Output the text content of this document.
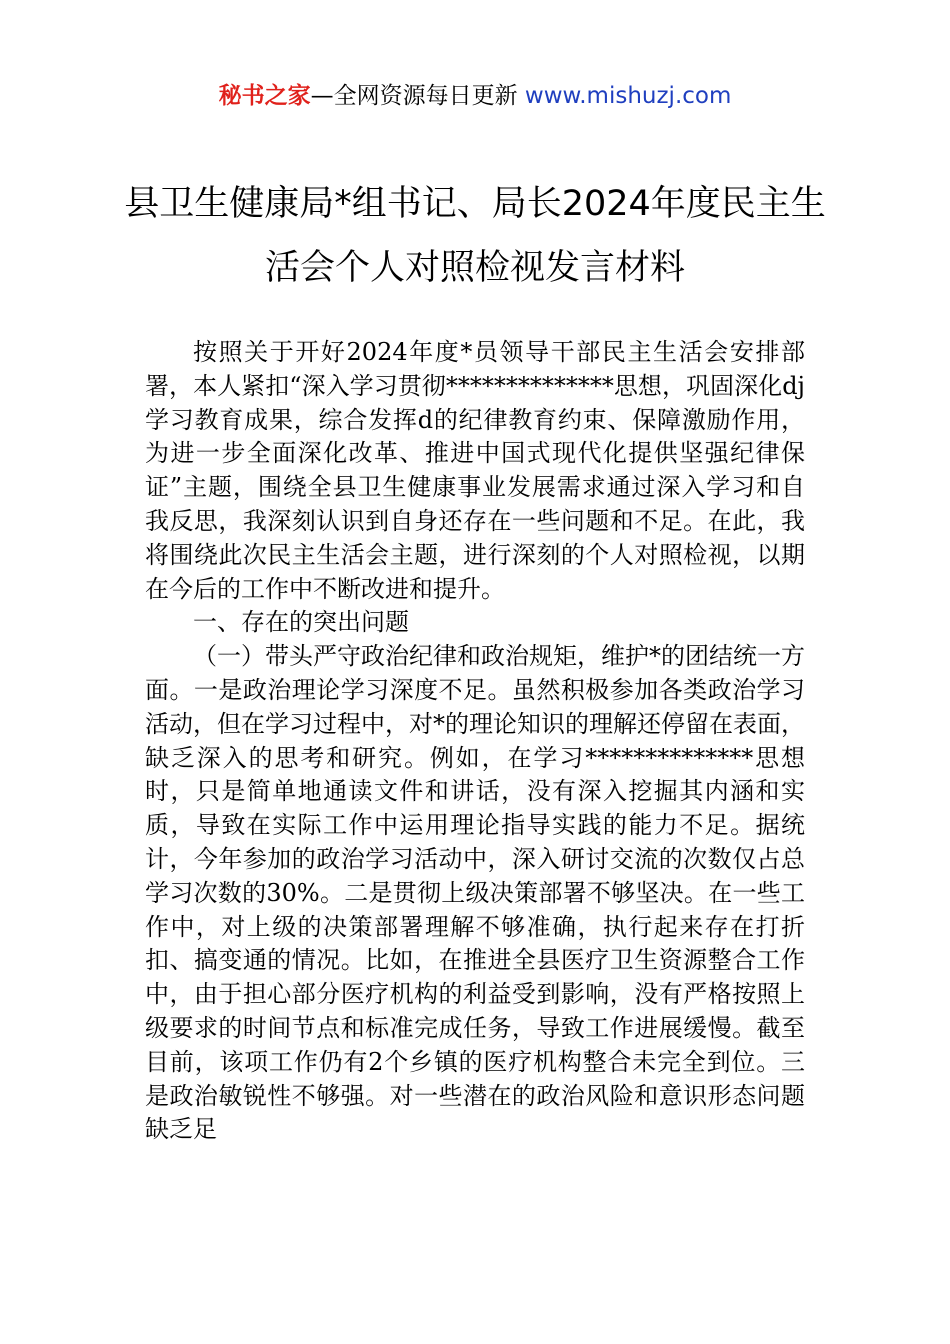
秘书之家—全网资源每日更新 www.mishuzj.com
县卫生健康局*组书记、局长2024年度民主生活会个人对照检视发言材料

按照关于开好2024年度*员领导干部民主生活会安排部署，本人紧扣“深入学习贯彻**************思想，巩固深化dj学习教育成果，综合发挥d的纪律教育约束、保障激励作用，为进一步全面深化改革、推进中国式现代化提供坚强纪律保证”主题，围绕全县卫生健康事业发展需求通过深入学习和自我反思，我深刻认识到自身还存在一些问题和不足。在此，我将围绕此次民主生活会主题，进行深刻的个人对照检视，以期在今后的工作中不断改进和提升。

一、存在的突出问题

（一）带头严守政治纪律和政治规矩，维护*的团结统一方面。一是政治理论学习深度不足。虽然积极参加各类政治学习活动，但在学习过程中，对*的理论知识的理解还停留在表面，缺乏深入的思考和研究。例如，在学习**************思想时，只是简单地通读文件和讲话，没有深入挖掘其内涵和实质，导致在实际工作中运用理论指导实践的能力不足。据统计，今年参加的政治学习活动中，深入研讨交流的次数仅占总学习次数的30%。二是贯彻上级决策部署不够坚决。在一些工作中，对上级的决策部署理解不够准确，执行起来存在打折扣、搞变通的情况。比如，在推进全县医疗卫生资源整合工作中，由于担心部分医疗机构的利益受到影响，没有严格按照上级要求的时间节点和标准完成任务，导致工作进展缓慢。截至目前，该项工作仍有2个乡镇的医疗机构整合未完全到位。三是政治敏锐性不够强。对一些潜在的政治风险和意识形态问题缺乏足
